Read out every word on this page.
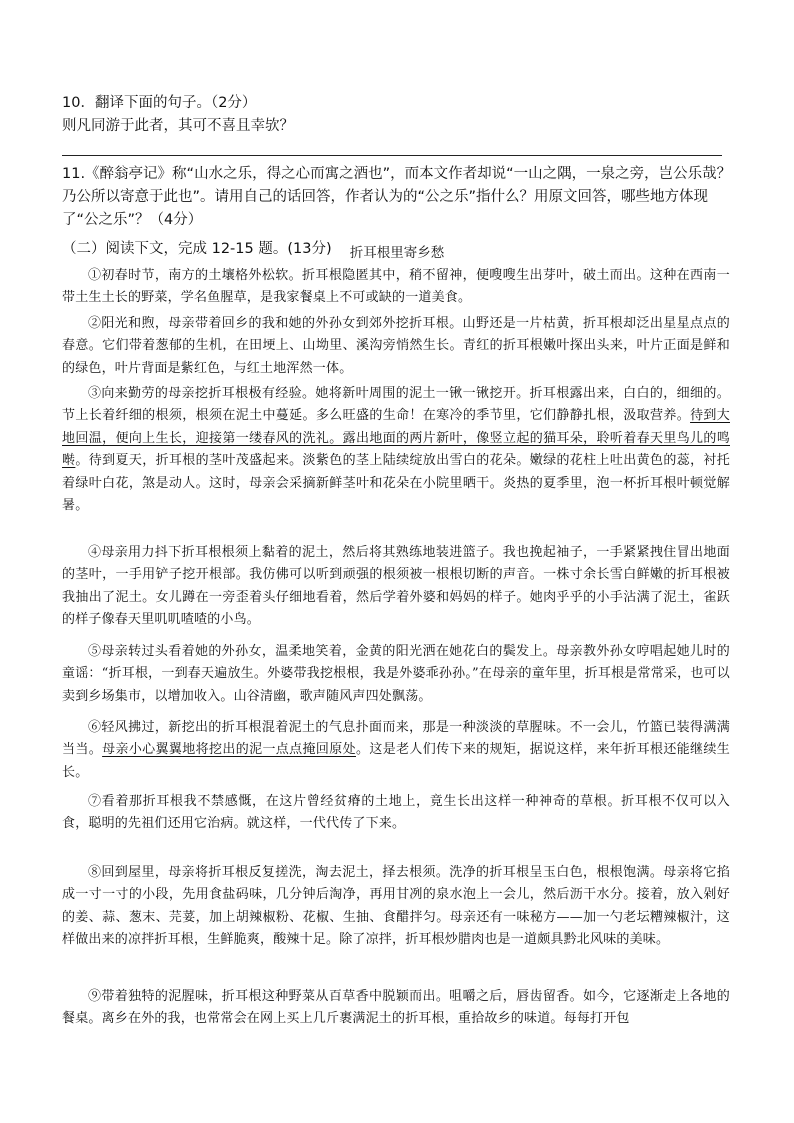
10．翻译下面的句子。（2分）

则凡同游于此者，其可不喜且幸欤？

11.《醉翁亭记》称“山水之乐，得之心而寓之酒也”，而本文作者却说“一山之隅，一泉之旁，岂公乐哉？乃公所以寄意于此也”。请用自己的话回答，作者认为的“公之乐”指什么？用原文回答，哪些地方体现了“公之乐”？（4分）

（二）阅读下文，完成 12-15 题。(13分)	折耳根里寄乡愁

①初春时节，南方的土壤格外松软。折耳根隐匿其中，稍不留神，便嗖嗖生出芽叶，破土而出。这种在西南一带土生土长的野菜，学名鱼腥草，是我家餐桌上不可或缺的一道美食。

②阳光和煦，母亲带着回乡的我和她的外孙女到郊外挖折耳根。山野还是一片枯黄，折耳根却泛出星星点点的春意。它们带着葱郁的生机，在田埂上、山坳里、溪沟旁悄然生长。青红的折耳根嫩叶探出头来，叶片正面是鲜和的绿色，叶片背面是紫红色，与红土地浑然一体。

③向来勤劳的母亲挖折耳根极有经验。她将新叶周围的泥土一锹一锹挖开。折耳根露出来，白白的，细细的。节上长着纤细的根须，根须在泥土中蔓延。多么旺盛的生命！在寒冷的季节里，它们静静扎根，汲取营养。待到大地回温，便向上生长，迎接第一缕春风的洗礼。露出地面的两片新叶，像竖立起的猫耳朵，聆听着春天里鸟儿的鸣啭。待到夏天，折耳根的茎叶茂盛起来。淡紫色的茎上陆续绽放出雪白的花朵。嫩绿的花柱上吐出黄色的蕊，衬托着绿叶白花，煞是动人。这时，母亲会采摘新鲜茎叶和花朵在小院里晒干。炎热的夏季里，泡一杯折耳根叶顿觉解暑。

④母亲用力抖下折耳根根须上黏着的泥土，然后将其熟练地装进篮子。我也挽起袖子，一手紧紧拽住冒出地面的茎叶，一手用铲子挖开根部。我仿佛可以听到顽强的根须被一根根切断的声音。一株寸余长雪白鲜嫩的折耳根被我抽出了泥土。女儿蹲在一旁歪着头仔细地看着，然后学着外婆和妈妈的样子。她肉乎乎的小手沾满了泥土，雀跃的样子像春天里叽叽喳喳的小鸟。

⑤母亲转过头看着她的外孙女，温柔地笑着，金黄的阳光洒在她花白的鬓发上。母亲教外孙女哼唱起她儿时的童谣：“折耳根，一到春天遍放生。外婆带我挖根根，我是外婆乖孙孙。”在母亲的童年里，折耳根是常常采，也可以卖到乡场集市，以增加收入。山谷清幽，歌声随风声四处飘荡。

⑥轻风拂过，新挖出的折耳根混着泥土的气息扑面而来，那是一种淡淡的草腥味。不一会儿，竹篮已装得满满当当。母亲小心翼翼地将挖出的泥一点点掩回原处。这是老人们传下来的规矩，据说这样，来年折耳根还能继续生长。

⑦看着那折耳根我不禁感慨，在这片曾经贫瘠的土地上，竟生长出这样一种神奇的草根。折耳根不仅可以入食，聪明的先祖们还用它治病。就这样，一代代传了下来。

⑧回到屋里，母亲将折耳根反复搓洗，淘去泥土，择去根须。洗净的折耳根呈玉白色，根根饱满。母亲将它掐成一寸一寸的小段，先用食盐码味，几分钟后淘净，再用甘冽的泉水泡上一会儿，然后沥干水分。接着，放入剁好的姜、蒜、葱末、芫荽，加上胡辣椒粉、花椒、生抽、食醋拌匀。母亲还有一味秘方——加一勺老坛糟辣椒汁，这样做出来的凉拌折耳根，生鲜脆爽，酸辣十足。除了凉拌，折耳根炒腊肉也是一道颇具黔北风味的美味。

⑨带着独特的泥腥味，折耳根这种野菜从百草香中脱颖而出。咀嚼之后，唇齿留香。如今，它逐渐走上各地的餐桌。离乡在外的我，也常常会在网上买上几斤裹满泥土的折耳根，重拾故乡的味道。每每打开包
